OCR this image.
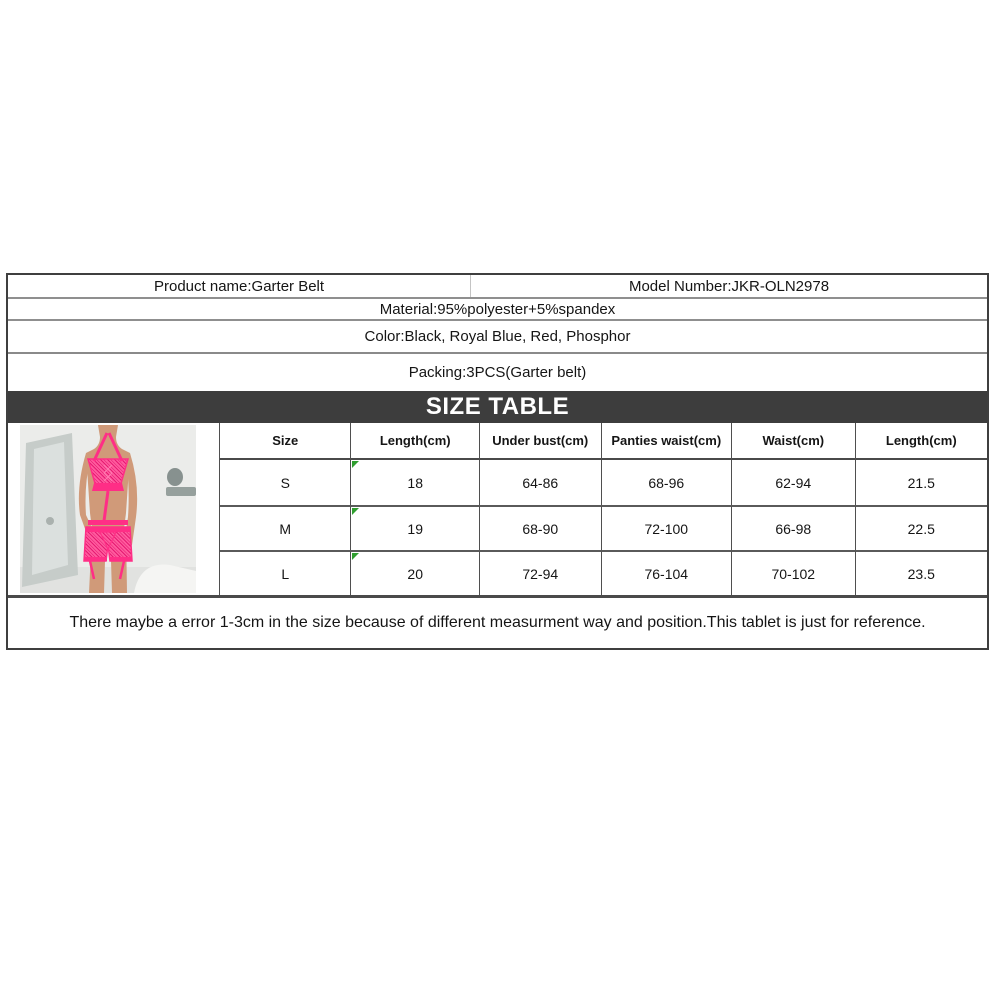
Product name:Garter Belt	Model Number:JKR-OLN2978
Material:95%polyester+5%spandex
Color:Black, Royal Blue, Red, Phosphor
Packing:3PCS(Garter belt)
SIZE TABLE
Size	Length(cm)	Under bust(cm)	Panties waist(cm)	Waist(cm)	Length(cm)
S	18	64-86	68-96	62-94	21.5
M	19	68-90	72-100	66-98	22.5
L	20	72-94	76-104	70-102	23.5
There maybe a error 1-3cm in the size because of different measurment way and position.This tablet is just for reference.
